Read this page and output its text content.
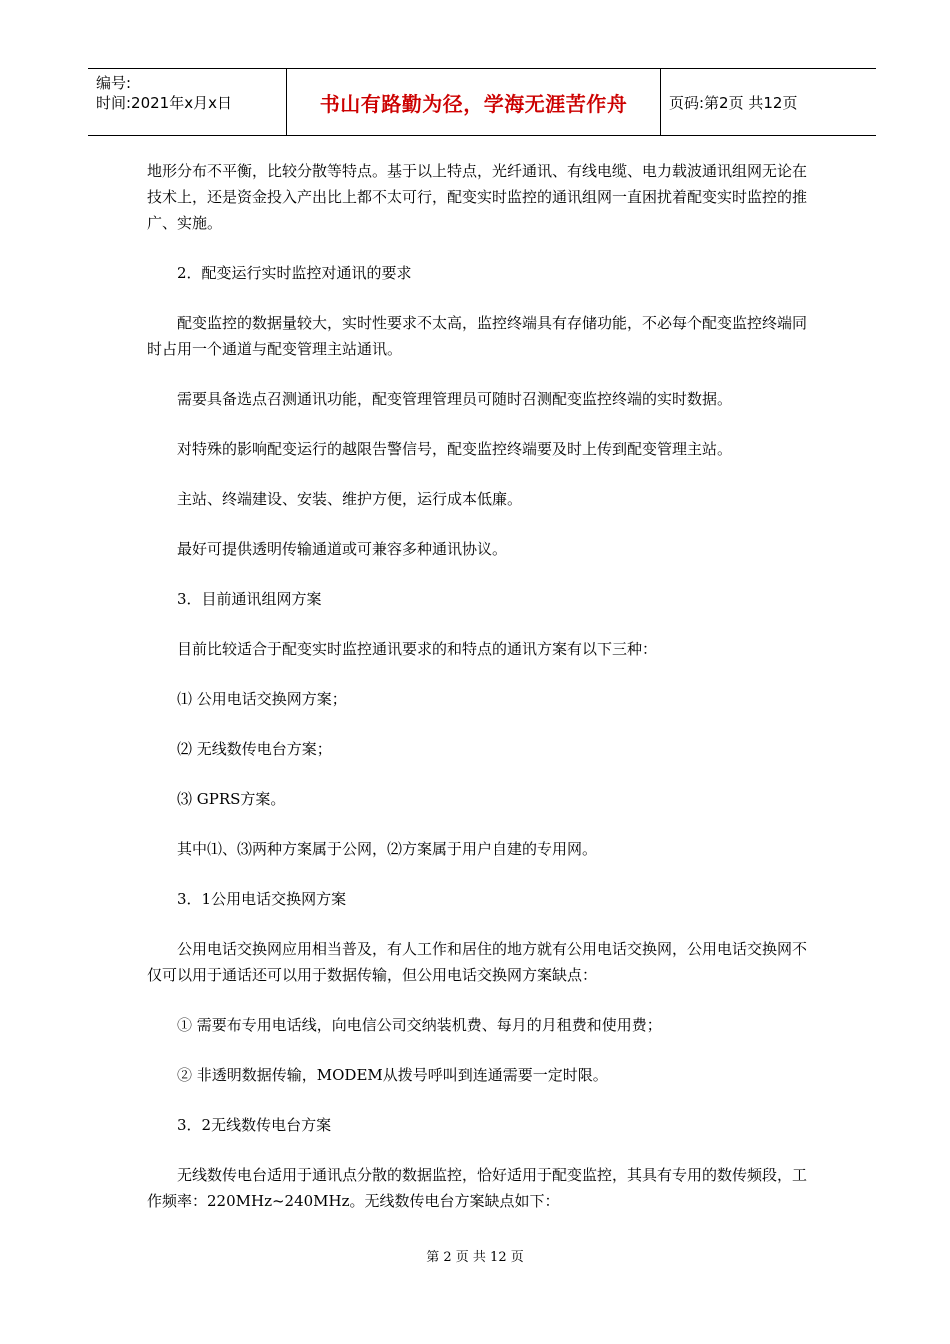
编号:
时间:2021年x月x日	书山有路勤为径，学海无涯苦作舟	页码:第2页 共12页

地形分布不平衡，比较分散等特点。基于以上特点，光纤通讯、有线电缆、电力载波通讯组网无论在技术上，还是资金投入产出比上都不太可行，配变实时监控的通讯组网一直困扰着配变实时监控的推广、实施。

2．配变运行实时监控对通讯的要求

配变监控的数据量较大，实时性要求不太高，监控终端具有存储功能，不必每个配变监控终端同时占用一个通道与配变管理主站通讯。

需要具备选点召测通讯功能，配变管理管理员可随时召测配变监控终端的实时数据。

对特殊的影响配变运行的越限告警信号，配变监控终端要及时上传到配变管理主站。

主站、终端建设、安装、维护方便，运行成本低廉。

最好可提供透明传输通道或可兼容多种通讯协议。

3．目前通讯组网方案

目前比较适合于配变实时监控通讯要求的和特点的通讯方案有以下三种：

⑴ 公用电话交换网方案；

⑵ 无线数传电台方案；

⑶ GPRS方案。

其中⑴、⑶两种方案属于公网，⑵方案属于用户自建的专用网。

3．1公用电话交换网方案

公用电话交换网应用相当普及，有人工作和居住的地方就有公用电话交换网，公用电话交换网不仅可以用于通话还可以用于数据传输，但公用电话交换网方案缺点：

① 需要布专用电话线，向电信公司交纳装机费、每月的月租费和使用费；

② 非透明数据传输，MODEM从拨号呼叫到连通需要一定时限。

3．2无线数传电台方案

无线数传电台适用于通讯点分散的数据监控，恰好适用于配变监控，其具有专用的数传频段，工作频率：220MHz~240MHz。无线数传电台方案缺点如下：

第 2 页 共 12 页
